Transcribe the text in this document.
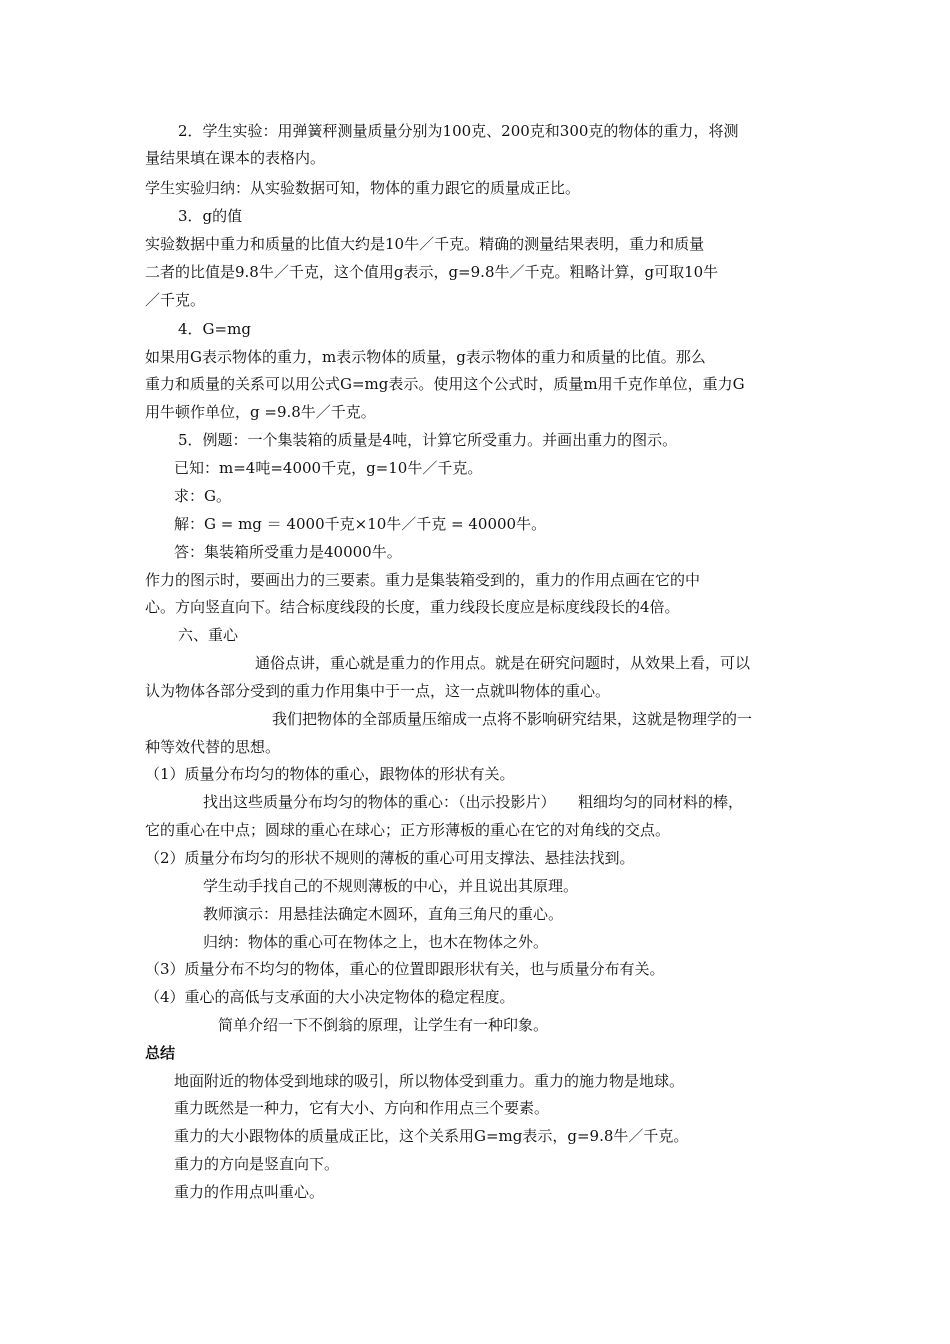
2．学生实验：用弹簧秤测量质量分别为100克、200克和300克的物体的重力，将测
量结果填在课本的表格内。
学生实验归纳：从实验数据可知，物体的重力跟它的质量成正比。
3．g的值
实验数据中重力和质量的比值大约是10牛／千克。精确的测量结果表明，重力和质量
二者的比值是9.8牛／千克，这个值用g表示，g=9.8牛／千克。粗略计算，g可取10牛
／千克。
4．G=mg
如果用G表示物体的重力，m表示物体的质量，g表示物体的重力和质量的比值。那么
重力和质量的关系可以用公式G=mg表示。使用这个公式时，质量m用千克作单位，重力G
用牛顿作单位，g =9.8牛／千克。
5．例题：一个集装箱的质量是4吨，计算它所受重力。并画出重力的图示。
已知：m=4吨=4000千克，g=10牛／千克。
求：G。
解：G = mg ＝ 4000千克×10牛／千克 = 40000牛。
答：集装箱所受重力是40000牛。
作力的图示时，要画出力的三要素。重力是集装箱受到的，重力的作用点画在它的中
心。方向竖直向下。结合标度线段的长度，重力线段长度应是标度线段长的4倍。
六、重心
通俗点讲，重心就是重力的作用点。就是在研究问题时，从效果上看，可以
认为物体各部分受到的重力作用集中于一点，这一点就叫物体的重心。
我们把物体的全部质量压缩成一点将不影响研究结果，这就是物理学的一
种等效代替的思想。
（1）质量分布均匀的物体的重心，跟物体的形状有关。
找出这些质量分布均匀的物体的重心：（出示投影片）　　粗细均匀的同材料的棒，
它的重心在中点；圆球的重心在球心；正方形薄板的重心在它的对角线的交点。
（2）质量分布均匀的形状不规则的薄板的重心可用支撑法、悬挂法找到。
学生动手找自己的不规则薄板的中心，并且说出其原理。
教师演示：用悬挂法确定木圆环，直角三角尺的重心。
归纳：物体的重心可在物体之上，也木在物体之外。
（3）质量分布不均匀的物体，重心的位置即跟形状有关，也与质量分布有关。
（4）重心的高低与支承面的大小决定物体的稳定程度。
简单介绍一下不倒翁的原理，让学生有一种印象。
总结
地面附近的物体受到地球的吸引，所以物体受到重力。重力的施力物是地球。
重力既然是一种力，它有大小、方向和作用点三个要素。
重力的大小跟物体的质量成正比，这个关系用G=mg表示，g=9.8牛／千克。
重力的方向是竖直向下。
重力的作用点叫重心。
